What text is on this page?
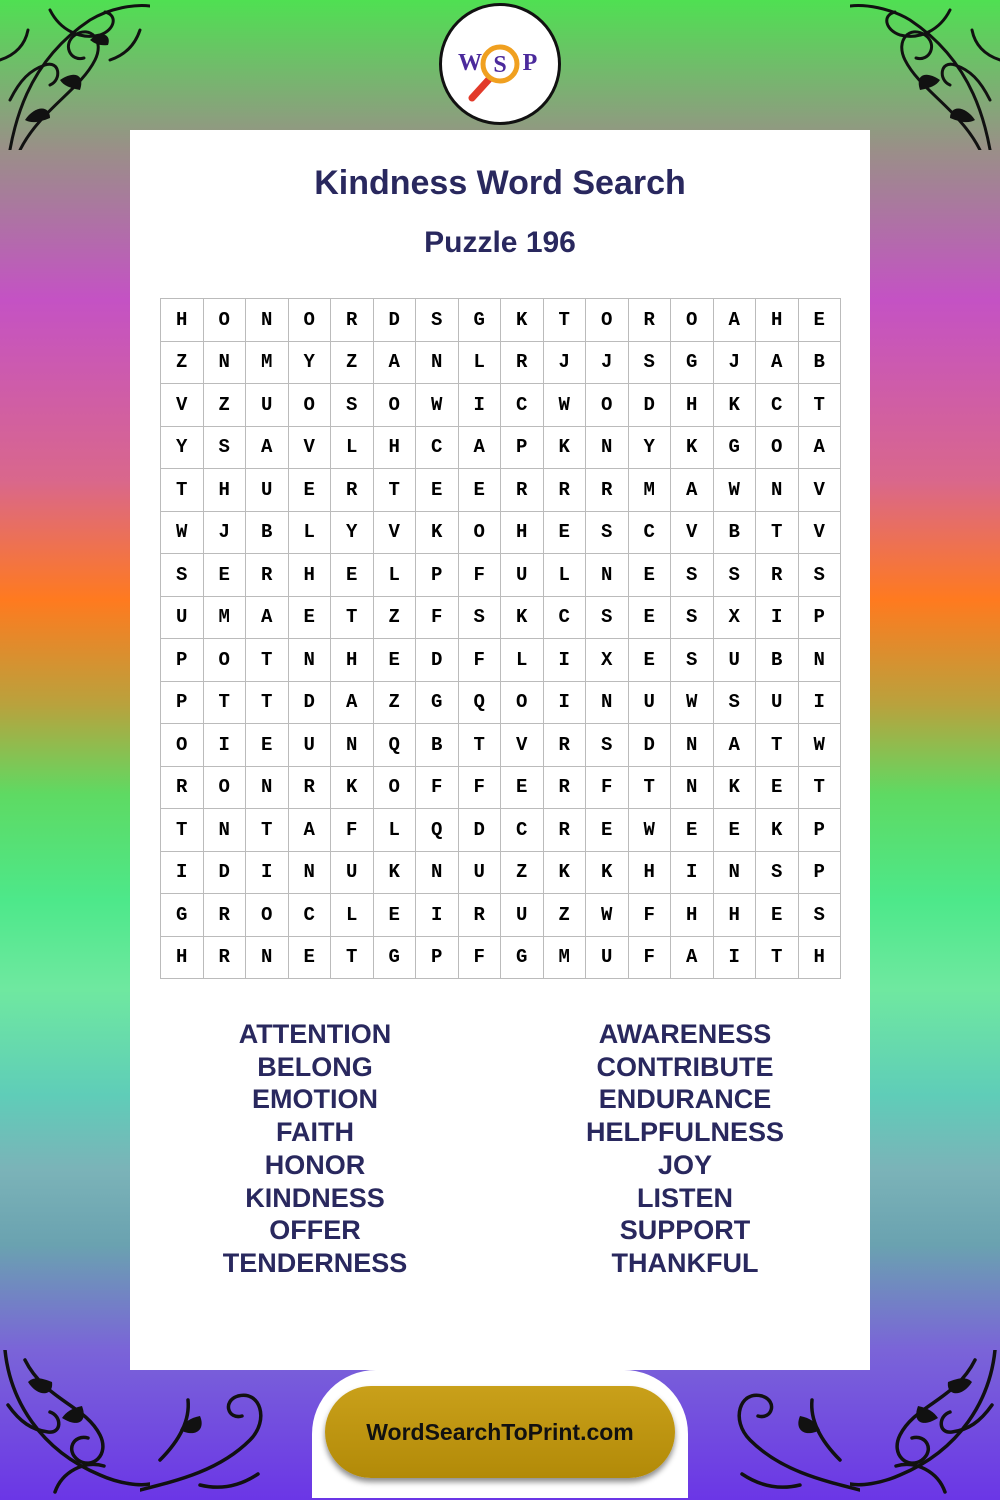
W S P
Kindness Word Search
Puzzle 196
H	O	N	O	R	D	S	G	K	T	O	R	O	A	H	E
Z	N	M	Y	Z	A	N	L	R	J	J	S	G	J	A	B
V	Z	U	O	S	O	W	I	C	W	O	D	H	K	C	T
Y	S	A	V	L	H	C	A	P	K	N	Y	K	G	O	A
T	H	U	E	R	T	E	E	R	R	R	M	A	W	N	V
W	J	B	L	Y	V	K	O	H	E	S	C	V	B	T	V
S	E	R	H	E	L	P	F	U	L	N	E	S	S	R	S
U	M	A	E	T	Z	F	S	K	C	S	E	S	X	I	P
P	O	T	N	H	E	D	F	L	I	X	E	S	U	B	N
P	T	T	D	A	Z	G	Q	O	I	N	U	W	S	U	I
O	I	E	U	N	Q	B	T	V	R	S	D	N	A	T	W
R	O	N	R	K	O	F	F	E	R	F	T	N	K	E	T
T	N	T	A	F	L	Q	D	C	R	E	W	E	E	K	P
I	D	I	N	U	K	N	U	Z	K	K	H	I	N	S	P
G	R	O	C	L	E	I	R	U	Z	W	F	H	H	E	S
H	R	N	E	T	G	P	F	G	M	U	F	A	I	T	H
ATTENTION
BELONG
EMOTION
FAITH
HONOR
KINDNESS
OFFER
TENDERNESS
AWARENESS
CONTRIBUTE
ENDURANCE
HELPFULNESS
JOY
LISTEN
SUPPORT
THANKFUL
WordSearchToPrint.com
